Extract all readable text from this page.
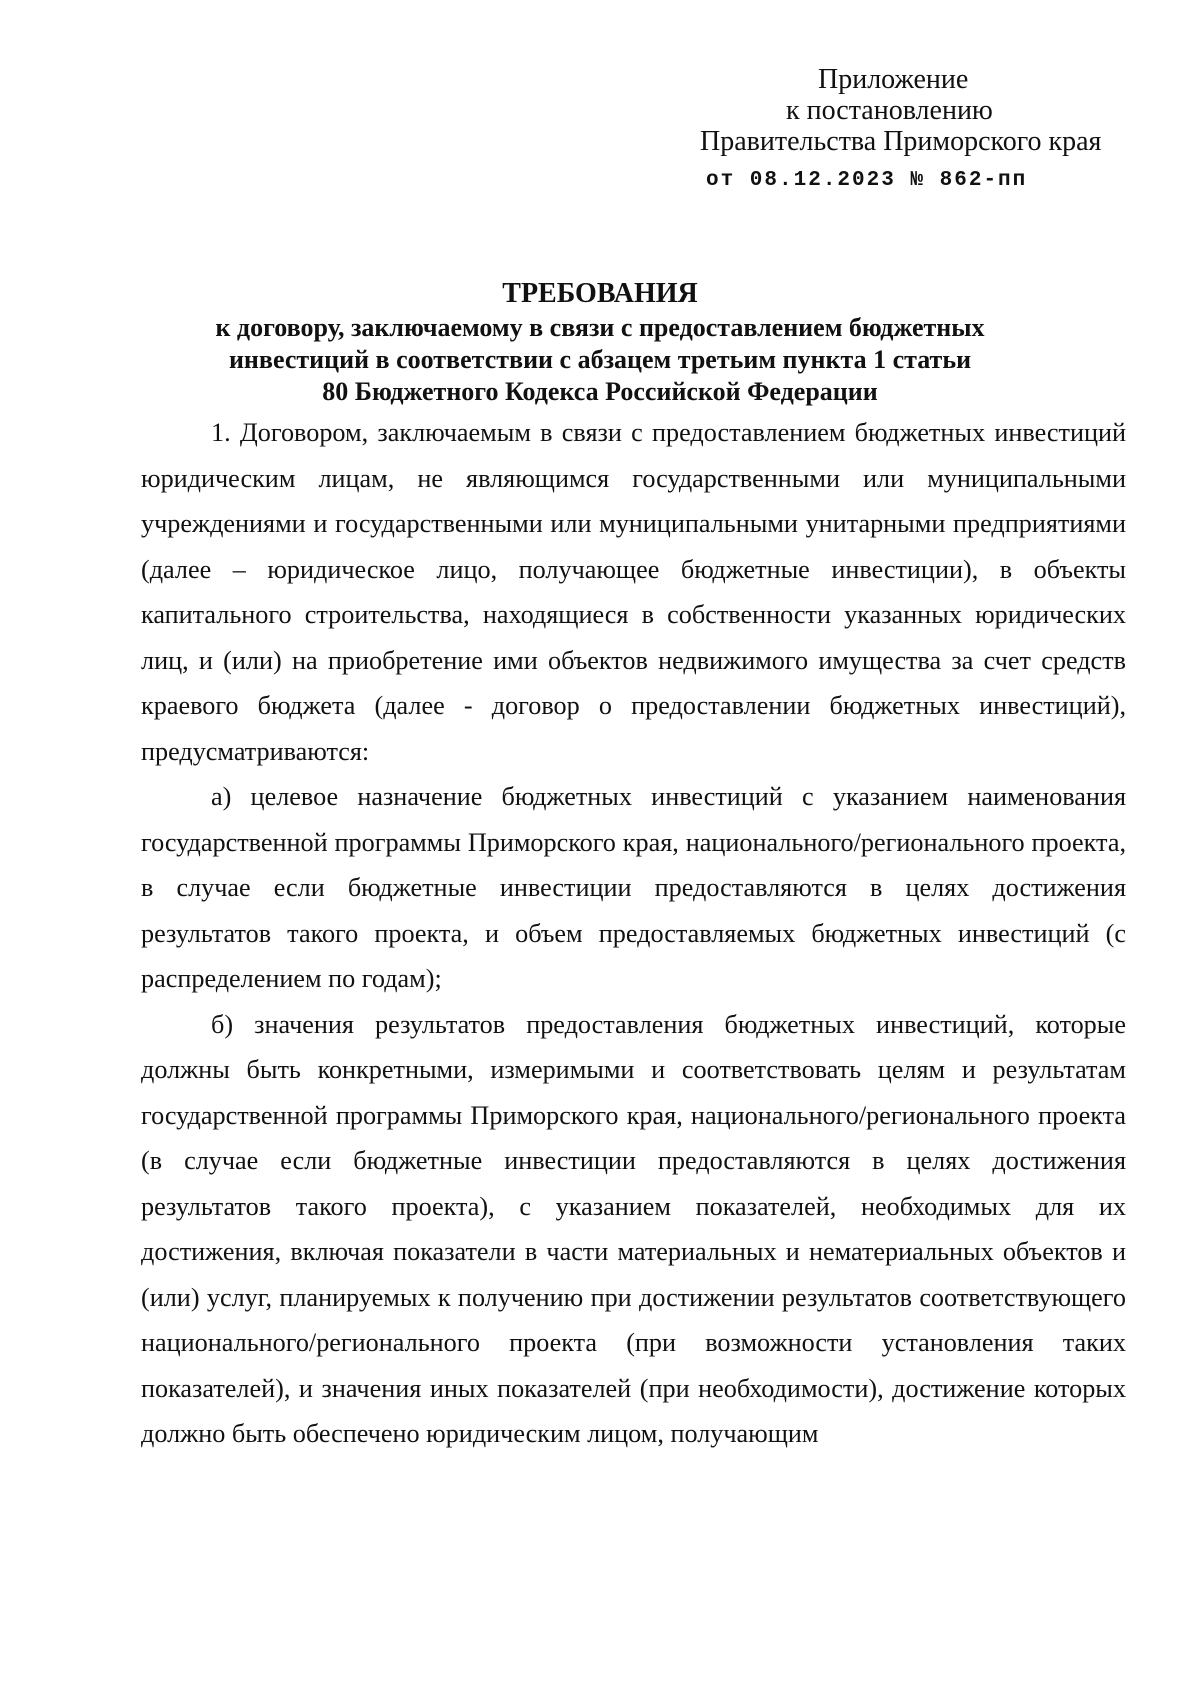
Приложение
к постановлению
Правительства Приморского края
от 08.12.2023 № 862-пп
ТРЕБОВАНИЯ
к договору, заключаемому в связи с предоставлением бюджетных
инвестиций в соответствии с абзацем третьим пункта 1 статьи
80 Бюджетного Кодекса Российской Федерации

1. Договором, заключаемым в связи с предоставлением бюджетных инвестиций юридическим лицам, не являющимся государственными или муниципальными учреждениями и государственными или муниципальными унитарными предприятиями (далее – юридическое лицо, получающее бюджетные инвестиции), в объекты капитального строительства, находящиеся в собственности указанных юридических лиц, и (или) на приобретение ими объектов недвижимого имущества за счет средств краевого бюджета (далее - договор о предоставлении бюджетных инвестиций), предусматриваются:

а) целевое назначение бюджетных инвестиций с указанием наименования государственной программы Приморского края, национального/регионального проекта, в случае если бюджетные инвестиции предоставляются в целях достижения результатов такого проекта, и объем предоставляемых бюджетных инвестиций (с распределением по годам);

б) значения результатов предоставления бюджетных инвестиций, которые должны быть конкретными, измеримыми и соответствовать целям и результатам государственной программы Приморского края, национального/регионального проекта (в случае если бюджетные инвестиции предоставляются в целях достижения результатов такого проекта), с указанием показателей, необходимых для их достижения, включая показатели в части материальных и нематериальных объектов и (или) услуг, планируемых к получению при достижении результатов соответствующего национального/регионального проекта (при возможности установления таких показателей), и значения иных показателей (при необходимости), достижение которых должно быть обеспечено юридическим лицом, получающим
